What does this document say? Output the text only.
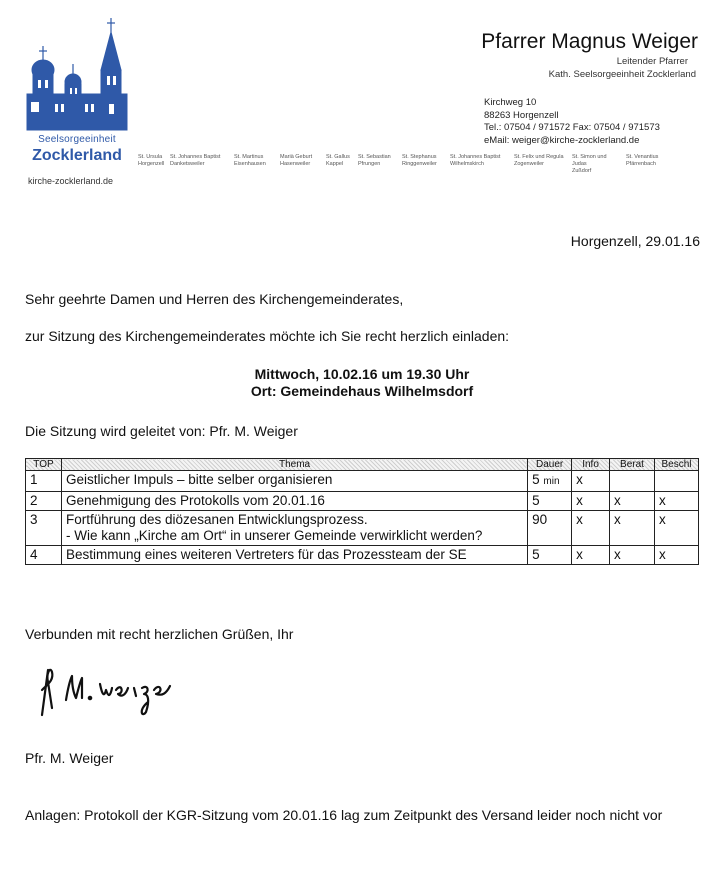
Seelsorgeeinheit
Zocklerland
kirche-zocklerland.de
St. Ursula
Horgenzell
St. Johannes Baptist
Danketsweiler
St. Martinus
Eisenhausen
Mariä Geburt
Hasenweiler
St. Gallus
Kappel
St. Sebastian
Pfrungen
St. Stephanus
Ringgenweiler
St. Johannes Baptist
Wilhelmskirch
St. Felix und Regula
Zogenweiler
St. Simon und Judas
Zußdorf
St. Venantius
Pfärrenbach
Pfarrer Magnus Weiger
Leitender Pfarrer
Kath. Seelsorgeeinheit Zocklerland
Kirchweg 10
88263 Horgenzell
Tel.: 07504 / 971572 Fax: 07504 / 971573
eMail: weiger@kirche-zocklerland.de
Horgenzell, 29.01.16
Sehr geehrte Damen und Herren des Kirchengemeinderates,
zur Sitzung des Kirchengemeinderates möchte ich Sie recht herzlich einladen:
Mittwoch, 10.02.16 um 19.30 Uhr
Ort: Gemeindehaus Wilhelmsdorf
Die Sitzung wird geleitet von: Pfr. M. Weiger
TOP	Thema	Dauer	Info	Berat	Beschl
1	Geistlicher Impuls – bitte selber organisieren	5 min	x		
2	Genehmigung des Protokolls vom 20.01.16	5	x	x	x
3	Fortführung des diözesanen Entwicklungsprozess.
- Wie kann „Kirche am Ort“ in unserer Gemeinde verwirklicht werden?	90	x	x	x
4	Bestimmung eines weiteren Vertreters für das Prozessteam der SE	5	x	x	x
Verbunden mit recht herzlichen Grüßen, Ihr
Pfr. M. Weiger
Anlagen: Protokoll der KGR-Sitzung vom 20.01.16 lag zum Zeitpunkt des Versand leider noch nicht vor
